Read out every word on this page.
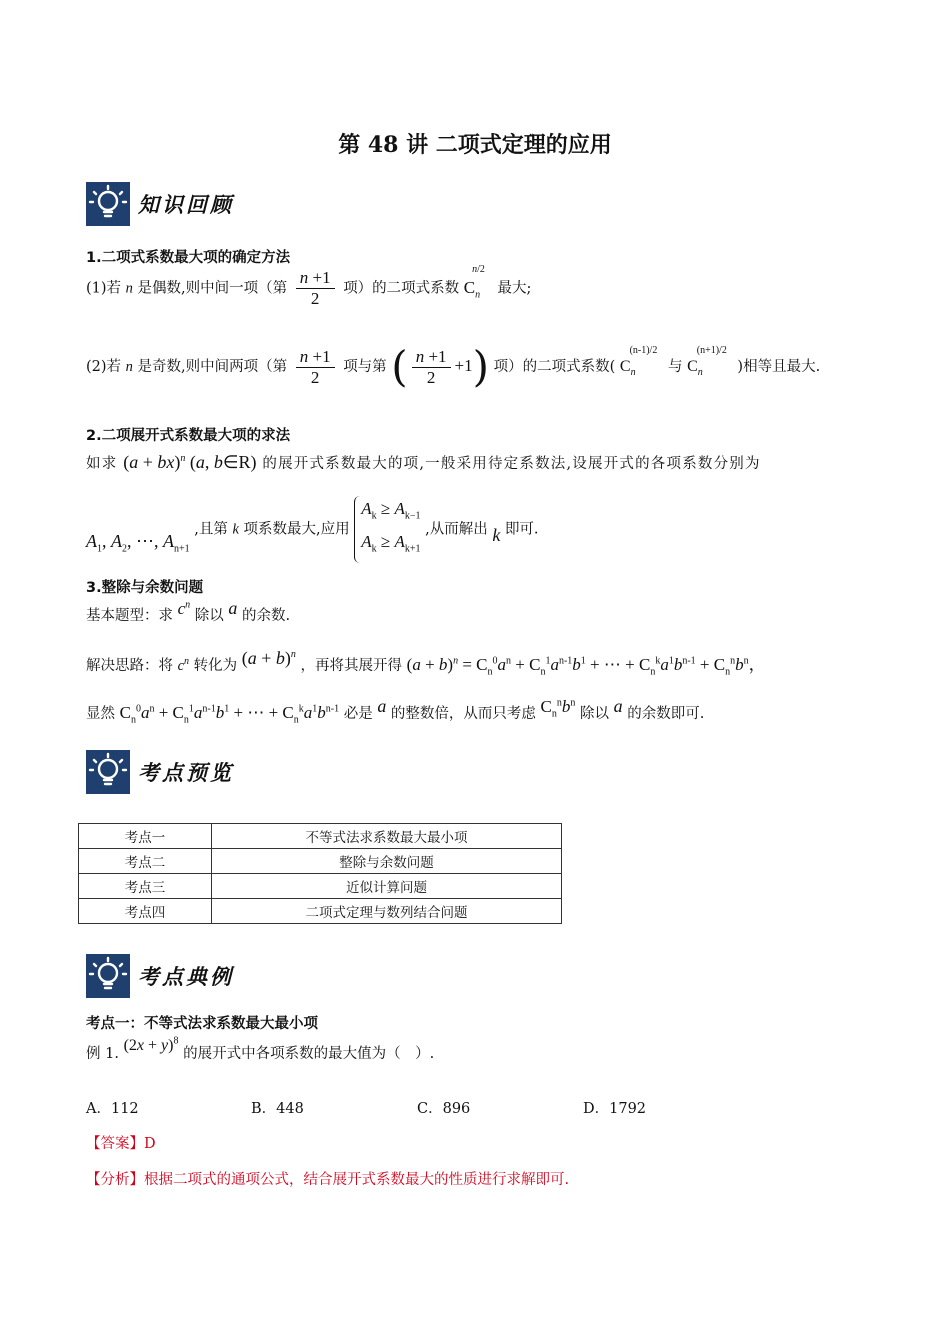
第 48 讲 二项式定理的应用
知识回顾
1.二项式系数最大项的确定方法
(1)若 n 是偶数,则中间一项（第 $\frac{n +1}{2}$ 项）的二项式系数 $C_n^{n/2}$ 最大;
(2)若 n 是奇数,则中间两项（第 $\frac{n +1}{2}$ 项与第 ( $\frac{n +1}{2} +1$) 项）的二项式系数( $C_n^{(n-1)/2}$ 与 $C_n^{(n+1)/2}$ )相等且最大.
2.二项展开式系数最大项的求法
如求 (a + bx)$^n$ (a, b∈R) 的展开式系数最大的项,一般采用待定系数法,设展开式的各项系数分别为
$A_1$, $A_2$, ⋯, $A_{n+1}$ ,且第 k 项系数最大,应用
$A_k \ge A_{k-1}$
$A_k \ge A_{k+1}$
,从而解出 k 即可.
3.整除与余数问题
基本题型：求 $c^n$ 除以 a 的余数.
解决思路：将 $c^n$ 转化为 $(a + b)^n$ ，再将其展开得 $(a + b)^n = C_n^0a^n + C_n^1a^{n-1}b^1$ + ⋯ + $C_n^ka^1b^{n-1} + C_n^nb^n$，
显然 $C_n^0a^n + C_n^1a^{n-1}b^1$ + ⋯ + $C_n^ka^1b^{n-1}$ 必是 a 的整数倍，从而只考虑 $C_n^nb^n$ 除以 a 的余数即可.
考点预览
考点一	不等式法求系数最大最小项
考点二	整除与余数问题
考点三	近似计算问题
考点四	二项式定理与数列结合问题
考点典例
考点一：不等式法求系数最大最小项
例 1. $(2x + y)^8$ 的展开式中各项系数的最大值为（　）.
A．112	B．448	C．896	D．1792
【答案】D
【分析】根据二项式的通项公式，结合展开式系数最大的性质进行求解即可.
